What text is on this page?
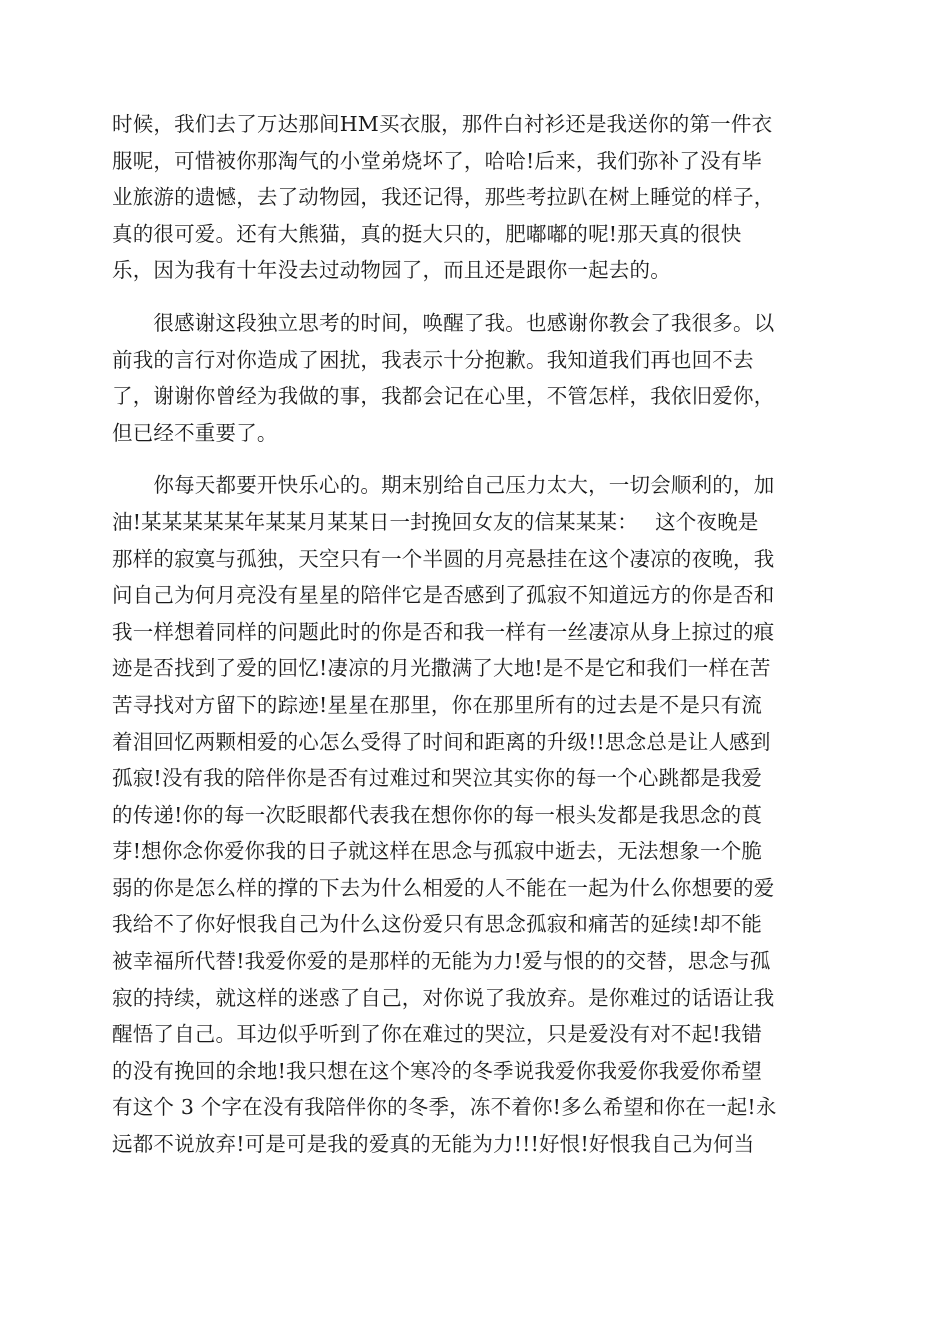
时候，我们去了万达那间HM买衣服，那件白衬衫还是我送你的第一件衣
服呢，可惜被你那淘气的小堂弟烧坏了，哈哈!后来，我们弥补了没有毕
业旅游的遗憾，去了动物园，我还记得，那些考拉趴在树上睡觉的样子，
真的很可爱。还有大熊猫，真的挺大只的，肥嘟嘟的呢!那天真的很快
乐，因为我有十年没去过动物园了，而且还是跟你一起去的。
　　很感谢这段独立思考的时间，唤醒了我。也感谢你教会了我很多。以
前我的言行对你造成了困扰，我表示十分抱歉。我知道我们再也回不去
了，谢谢你曾经为我做的事，我都会记在心里，不管怎样，我依旧爱你，
但已经不重要了。
　　你每天都要开快乐心的。期末别给自己压力太大，一切会顺利的，加
油!某某某某某年某某月某某日一封挽回女友的信某某某：　 这个夜晚是
那样的寂寞与孤独，天空只有一个半圆的月亮悬挂在这个凄凉的夜晚，我
问自己为何月亮没有星星的陪伴它是否感到了孤寂不知道远方的你是否和
我一样想着同样的问题此时的你是否和我一样有一丝凄凉从身上掠过的痕
迹是否找到了爱的回忆!凄凉的月光撒满了大地!是不是它和我们一样在苦
苦寻找对方留下的踪迹!星星在那里，你在那里所有的过去是不是只有流
着泪回忆两颗相爱的心怎么受得了时间和距离的升级!!思念总是让人感到
孤寂!没有我的陪伴你是否有过难过和哭泣其实你的每一个心跳都是我爱
的传递!你的每一次眨眼都代表我在想你你的每一根头发都是我思念的莨
芽!想你念你爱你我的日子就这样在思念与孤寂中逝去，无法想象一个脆
弱的你是怎么样的撑的下去为什么相爱的人不能在一起为什么你想要的爱
我给不了你好恨我自己为什么这份爱只有思念孤寂和痛苦的延续!却不能
被幸福所代替!我爱你爱的是那样的无能为力!爱与恨的的交替，思念与孤
寂的持续，就这样的迷惑了自己，对你说了我放弃。是你难过的话语让我
醒悟了自己。耳边似乎听到了你在难过的哭泣，只是爱没有对不起!我错
的没有挽回的余地!我只想在这个寒冷的冬季说我爱你我爱你我爱你希望
有这个 3 个字在没有我陪伴你的冬季，冻不着你!多么希望和你在一起!永
远都不说放弃!可是可是我的爱真的无能为力!!!好恨!好恨我自己为何当
